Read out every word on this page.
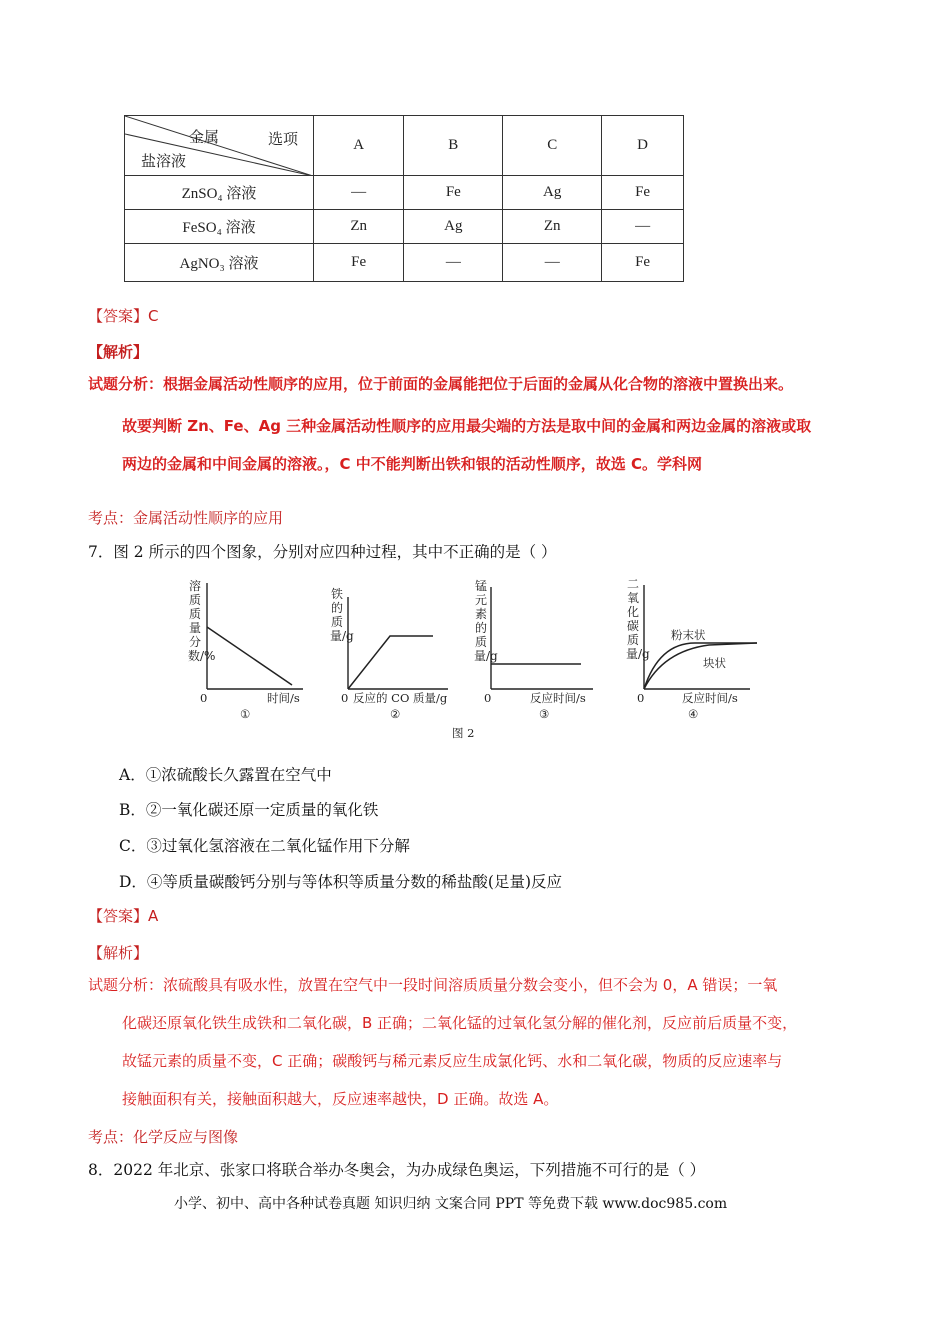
金属 选项
盐溶液	A	B	C	D
ZnSO₄ 溶液	—	Fe	Ag	Fe
FeSO₄ 溶液	Zn	Ag	Zn	—
AgNO₃ 溶液	Fe	—	—	Fe
【答案】C
【解析】
试题分析：根据金属活动性顺序的应用，位于前面的金属能把位于后面的金属从化合物的溶液中置换出来。
故要判断 Zn、Fe、Ag 三种金属活动性顺序的应用最尖端的方法是取中间的金属和两边金属的溶液或取
两边的金属和中间金属的溶液。，C 中不能判断出铁和银的活动性顺序，故选 C。学科网
考点：金属活动性顺序的应用
7．图 2 所示的四个图象，分别对应四种过程，其中不正确的是（ ）
0	时间/s
①
0 反应的 CO 质量/g
②
0	反应时间/s
③
粉末状
块状
0	反应时间/s
④
图 2
溶质质量分数/%
铁的质量/g
锰元素的质量/g
二氧化碳质量/g
A．①浓硫酸长久露置在空气中
B．②一氧化碳还原一定质量的氧化铁
C．③过氧化氢溶液在二氧化锰作用下分解
D．④等质量碳酸钙分别与等体积等质量分数的稀盐酸(足量)反应
【答案】A
【解析】
试题分析：浓硫酸具有吸水性，放置在空气中一段时间溶质质量分数会变小，但不会为 0，A 错误；一氧
化碳还原氧化铁生成铁和二氧化碳，B 正确；二氧化锰的过氧化氢分解的催化剂，反应前后质量不变，
故锰元素的质量不变，C 正确；碳酸钙与稀元素反应生成氯化钙、水和二氧化碳，物质的反应速率与
接触面积有关，接触面积越大，反应速率越快，D 正确。故选 A。
考点：化学反应与图像
8．2022 年北京、张家口将联合举办冬奥会，为办成绿色奥运，下列措施不可行的是（ ）
小学、初中、高中各种试卷真题 知识归纳 文案合同 PPT 等免费下载 www.doc985.com
